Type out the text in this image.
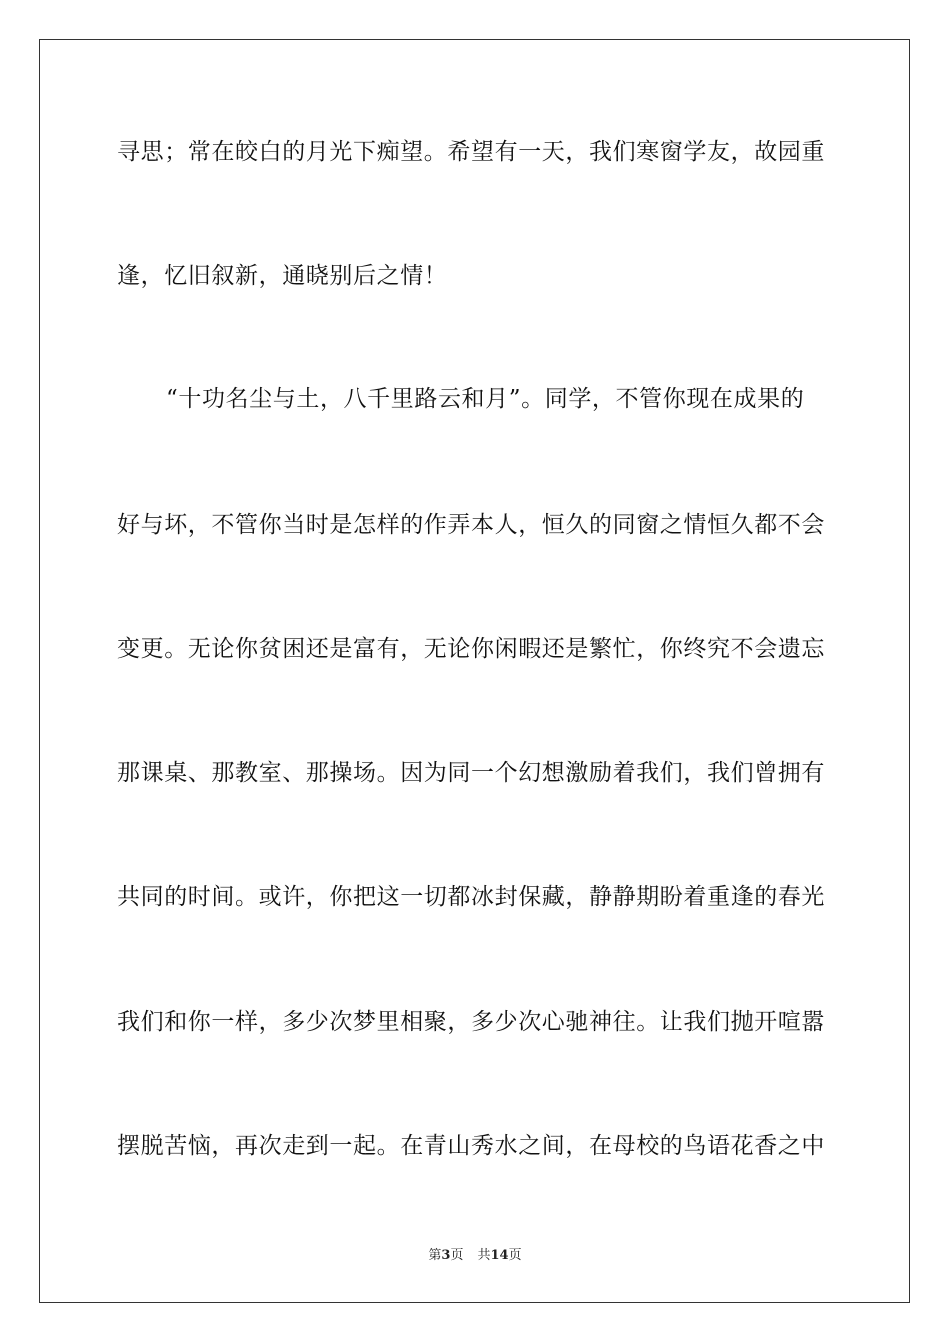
寻思；常在皎白的月光下痴望。希望有一天，我们寒窗学友，故园重
逢，忆旧叙新，通晓别后之情！
“十功名尘与土，八千里路云和月”。同学，不管你现在成果的
好与坏，不管你当时是怎样的作弄本人，恒久的同窗之情恒久都不会
变更。无论你贫困还是富有，无论你闲暇还是繁忙，你终究不会遗忘
那课桌、那教室、那操场。因为同一个幻想激励着我们，我们曾拥有
共同的时间。或许，你把这一切都冰封保藏，静静期盼着重逢的春光
我们和你一样，多少次梦里相聚，多少次心驰神往。让我们抛开喧嚣
摆脱苦恼，再次走到一起。在青山秀水之间，在母校的鸟语花香之中
第3页 共14页
